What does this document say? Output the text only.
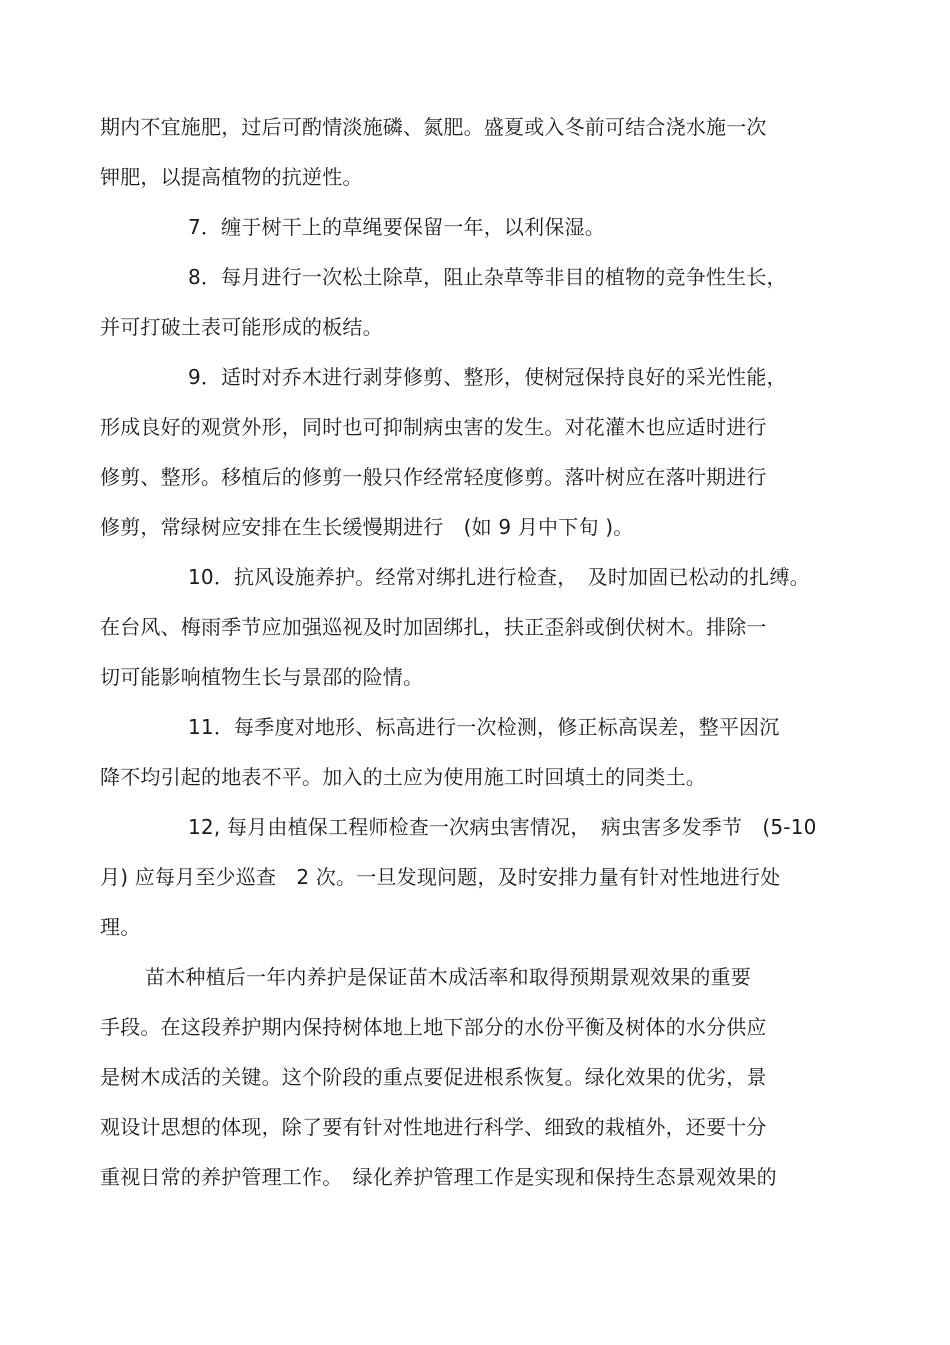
期内不宜施肥，过后可酌情淡施磷、氮肥。盛夏或入冬前可结合浇水施一次
钾肥，以提高植物的抗逆性。
7．缠于树干上的草绳要保留一年，以利保湿。
8．每月进行一次松土除草，阻止杂草等非目的植物的竞争性生长，
并可打破土表可能形成的板结。
9．适时对乔木进行剥芽修剪、整形，使树冠保持良好的采光性能，
形成良好的观赏外形，同时也可抑制病虫害的发生。对花灌木也应适时进行
修剪、整形。移植后的修剪一般只作经常轻度修剪。落叶树应在落叶期进行
修剪，常绿树应安排在生长缓慢期进行　(如 9 月中下旬 )。
10．抗风设施养护。经常对绑扎进行检查，　及时加固已松动的扎缚。
在台风、梅雨季节应加强巡视及时加固绑扎，扶正歪斜或倒伏树木。排除一
切可能影响植物生长与景邵的险情。
11．每季度对地形、标高进行一次检测，修正标高误差，整平因沉
降不均引起的地表不平。加入的土应为使用施工时回填土的同类土。
12, 每月由植保工程师检查一次病虫害情况，　病虫害多发季节　(5-10
月) 应每月至少巡查　2 次。一旦发现问题，及时安排力量有针对性地进行处
理。
苗木种植后一年内养护是保证苗木成活率和取得预期景观效果的重要
手段。在这段养护期内保持树体地上地下部分的水份平衡及树体的水分供应
是树木成活的关键。这个阶段的重点要促进根系恢复。绿化效果的优劣，景
观设计思想的体现，除了要有针对性地进行科学、细致的栽植外，还要十分
重视日常的养护管理工作。　绿化养护管理工作是实现和保持生态景观效果的
